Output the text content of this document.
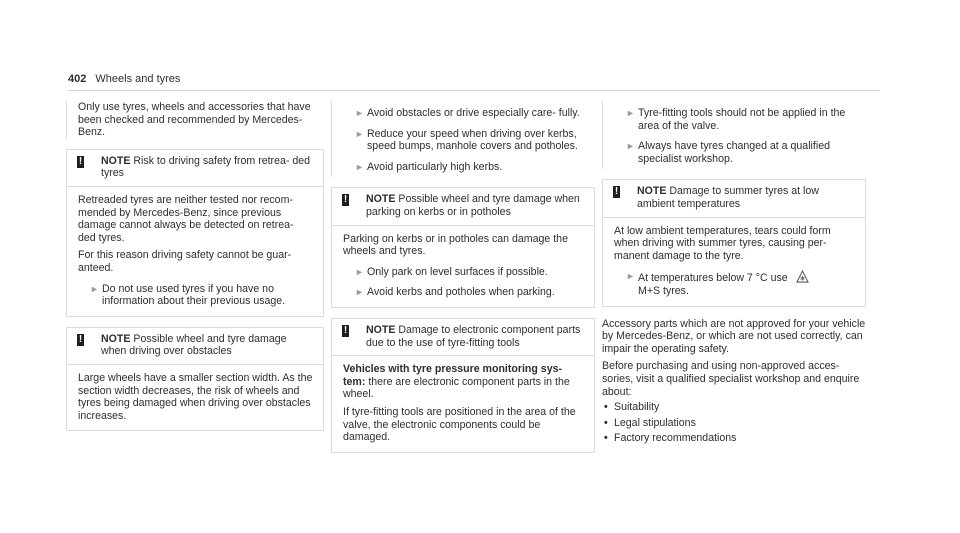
402 Wheels and tyres

Only use tyres, wheels and accessories that have been checked and recommended by Mercedes-Benz.

! NOTE Risk to driving safety from retrea- ded tyres

Retreaded tyres are neither tested nor recom- mended by Mercedes-Benz, since previous damage cannot always be detected on retrea- ded tyres.

For this reason driving safety cannot be guar- anteed.

► Do not use used tyres if you have no information about their previous usage.
! NOTE Possible wheel and tyre damage when driving over obstacles

Large wheels have a smaller section width. As the section width decreases, the risk of wheels and tyres being damaged when driving over obstacles increases.

► Avoid obstacles or drive especially care- fully.
► Reduce your speed when driving over kerbs, speed bumps, manhole covers and potholes.
► Avoid particularly high kerbs.
! NOTE Possible wheel and tyre damage when parking on kerbs or in potholes

Parking on kerbs or in potholes can damage the wheels and tyres.

► Only park on level surfaces if possible.
► Avoid kerbs and potholes when parking.
! NOTE Damage to electronic component parts due to the use of tyre-fitting tools

Vehicles with tyre pressure monitoring sys- tem: there are electronic component parts in the wheel.

If tyre-fitting tools are positioned in the area of the valve, the electronic components could be damaged.

► Tyre-fitting tools should not be applied in the area of the valve.
► Always have tyres changed at a qualified specialist workshop.
! NOTE Damage to summer tyres at low ambient temperatures

At low ambient temperatures, tears could form when driving with summer tyres, causing per- manent damage to the tyre.

► At temperatures below 7 °C use
M+S tyres.

Accessory parts which are not approved for your vehicle by Mercedes-Benz, or which are not used correctly, can impair the operating safety.

Before purchasing and using non-approved acces- sories, visit a qualified specialist workshop and enquire about:

• Suitability
• Legal stipulations
• Factory recommendations
